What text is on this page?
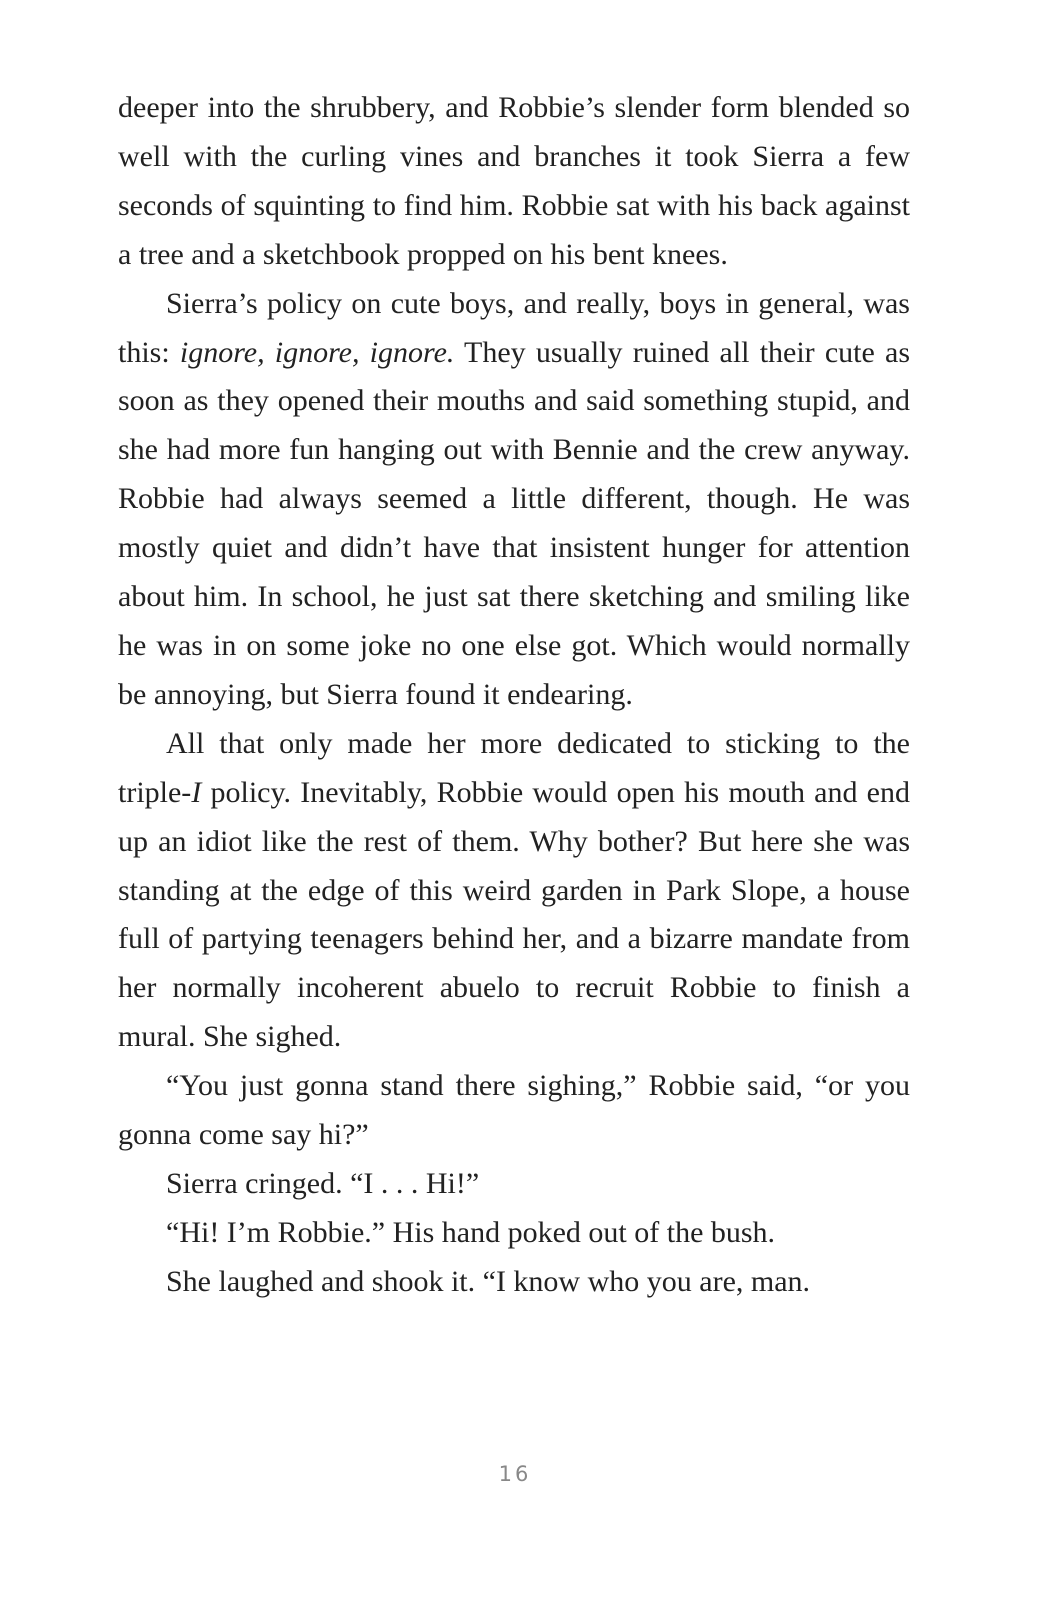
deeper into the shrubbery, and Robbie’s slender form blended so well with the curling vines and branches it took Sierra a few seconds of squinting to find him. Robbie sat with his back against a tree and a sketchbook propped on his bent knees.

Sierra’s policy on cute boys, and really, boys in general, was this: ignore, ignore, ignore. They usually ruined all their cute as soon as they opened their mouths and said something stupid, and she had more fun hanging out with Bennie and the crew anyway. Robbie had always seemed a little different, though. He was mostly quiet and didn’t have that insistent hunger for attention about him. In school, he just sat there sketching and smiling like he was in on some joke no one else got. Which would normally be annoying, but Sierra found it endearing.

All that only made her more dedicated to sticking to the triple-I policy. Inevitably, Robbie would open his mouth and end up an idiot like the rest of them. Why bother? But here she was standing at the edge of this weird garden in Park Slope, a house full of partying teenagers behind her, and a bizarre mandate from her normally incoherent abuelo to recruit Robbie to finish a mural. She sighed.

“You just gonna stand there sighing,” Robbie said, “or you gonna come say hi?”

Sierra cringed. “I . . . Hi!”

“Hi! I’m Robbie.” His hand poked out of the bush.

She laughed and shook it. “I know who you are, man.

16
